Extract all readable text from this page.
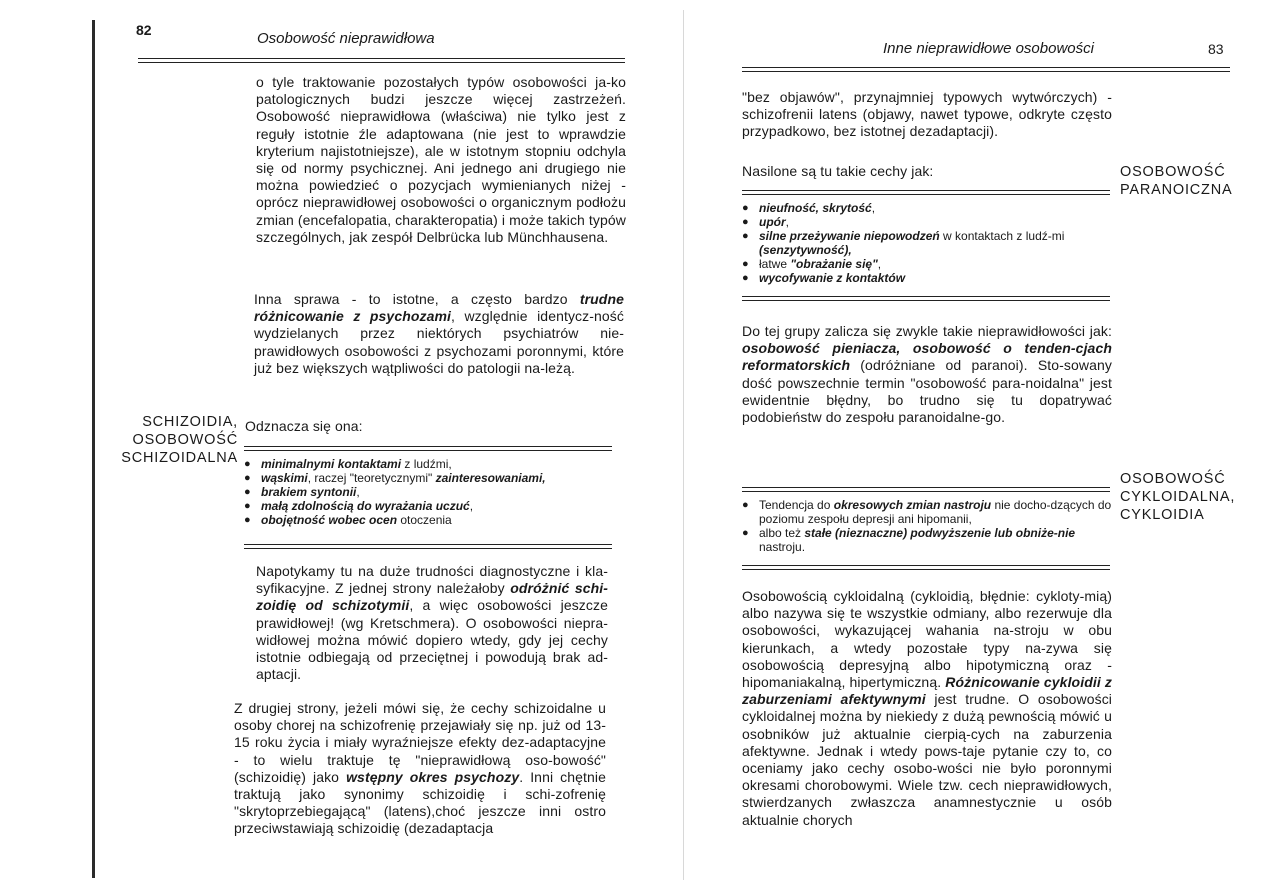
82	Osobowość nieprawidłowa
o tyle traktowanie pozostałych typów osobowości ja-ko patologicznych budzi jeszcze więcej zastrzeżeń. Osobowość nieprawidłowa (właściwa) nie tylko jest z reguły istotnie źle adaptowana (nie jest to wprawdzie kryterium najistotniejsze), ale w istotnym stopniu odchyla się od normy psychicznej. Ani jednego ani drugiego nie można powiedzieć o pozycjach wymienianych niżej - oprócz nieprawidłowej osobowości o organicznym podłożu zmian (encefalopatia, charakteropatia) i może takich typów szczególnych, jak zespół Delbrücka lub Münchhausena.
Inna sprawa - to istotne, a często bardzo trudne różnicowanie z psychozami, względnie identycz-ność wydzielanych przez niektórych psychiatrów nie-prawidłowych osobowości z psychozami poronnymi, które już bez większych wątpliwości do patologii na-leżą.
SCHIZOIDIA,
OSOBOWOŚĆ
SCHIZOIDALNA
Odznacza się ona:
● minimalnymi kontaktami z ludźmi,
● wąskimi, raczej "teoretycznymi" zainteresowaniami,
● brakiem syntonii,
● małą zdolnością do wyrażania uczuć,
● obojętność wobec ocen otoczenia
Napotykamy tu na duże trudności diagnostyczne i kla-syfikacyjne. Z jednej strony należałoby odróżnić schi-zoidię od schizotymii, a więc osobowości jeszcze prawidłowej! (wg Kretschmera). O osobowości niepra-widłowej można mówić dopiero wtedy, gdy jej cechy istotnie odbiegają od przeciętnej i powodują brak ad-aptacji.
Z drugiej strony, jeżeli mówi się, że cechy schizoidalne u osoby chorej na schizofrenię przejawiały się np. już od 13-15 roku życia i miały wyraźniejsze efekty dez-adaptacyjne - to wielu traktuje tę "nieprawidłową oso-bowość" (schizoidię) jako wstępny okres psychozy. Inni chętnie traktują jako synonimy schizoidię i schi-zofrenię "skrytoprzebiegającą" (latens),choć jeszcze inni ostro przeciwstawiają schizoidię (dezadaptacja
Inne nieprawidłowe osobowości	83
"bez objawów", przynajmniej typowych wytwórczych) - schizofrenii latens (objawy, nawet typowe, odkryte często przypadkowo, bez istotnej dezadaptacji).
Nasilone są tu takie cechy jak:	OSOBOWOŚĆ
PARANOICZNA
● nieufność, skrytość,
● upór,
● silne przeżywanie niepowodzeń w kontaktach z ludź-mi (senzytywność),
● łatwe "obrażanie się",
● wycofywanie z kontaktów
Do tej grupy zalicza się zwykle takie nieprawidłowości jak: osobowość pieniacza, osobowość o tenden-cjach reformatorskich (odróżniane od paranoi). Sto-sowany dość powszechnie termin "osobowość para-noidalna" jest ewidentnie błędny, bo trudno się tu dopatrywać podobieństw do zespołu paranoidalne-go.
OSOBOWOŚĆ
CYKLOIDALNA,
CYKLOIDIA
● Tendencja do okresowych zmian nastroju nie docho-dzących do poziomu zespołu depresji ani hipomanii,
● albo też stałe (nieznaczne) podwyższenie lub obniże-nie nastroju.
Osobowością cykloidalną (cykloidią, błędnie: cykloty-mią) albo nazywa się te wszystkie odmiany, albo rezerwuje dla osobowości, wykazującej wahania na-stroju w obu kierunkach, a wtedy pozostałe typy na-zywa się osobowością depresyjną albo hipotymiczną oraz - hipomaniakalną, hipertymiczną. Różnicowanie cykloidii z zaburzeniami afektywnymi jest trudne. O osobowości cykloidalnej można by niekiedy z dużą pewnością mówić u osobników już aktualnie cierpią-cych na zaburzenia afektywne. Jednak i wtedy pows-taje pytanie czy to, co oceniamy jako cechy osobo-wości nie było poronnymi okresami chorobowymi. Wiele tzw. cech nieprawidłowych, stwierdzanych zwłaszcza anamnestycznie u osób aktualnie chorych
